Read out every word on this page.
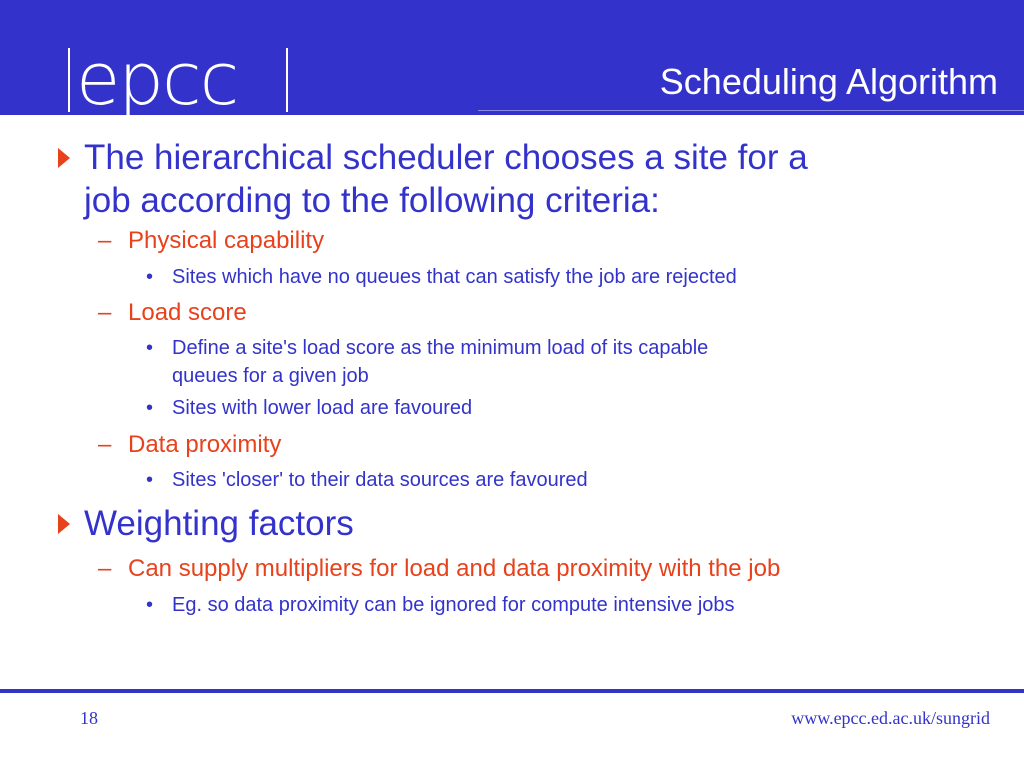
epcc	Scheduling Algorithm
The hierarchical scheduler chooses a site for a
job according to the following criteria:
– Physical capability
• Sites which have no queues that can satisfy the job are rejected
– Load score
• Define a site's load score as the minimum load of its capable
queues for a given job
• Sites with lower load are favoured
– Data proximity
• Sites 'closer' to their data sources are favoured
Weighting factors
– Can supply multipliers for load and data proximity with the job
• Eg. so data proximity can be ignored for compute intensive jobs
18	www.epcc.ed.ac.uk/sungrid
